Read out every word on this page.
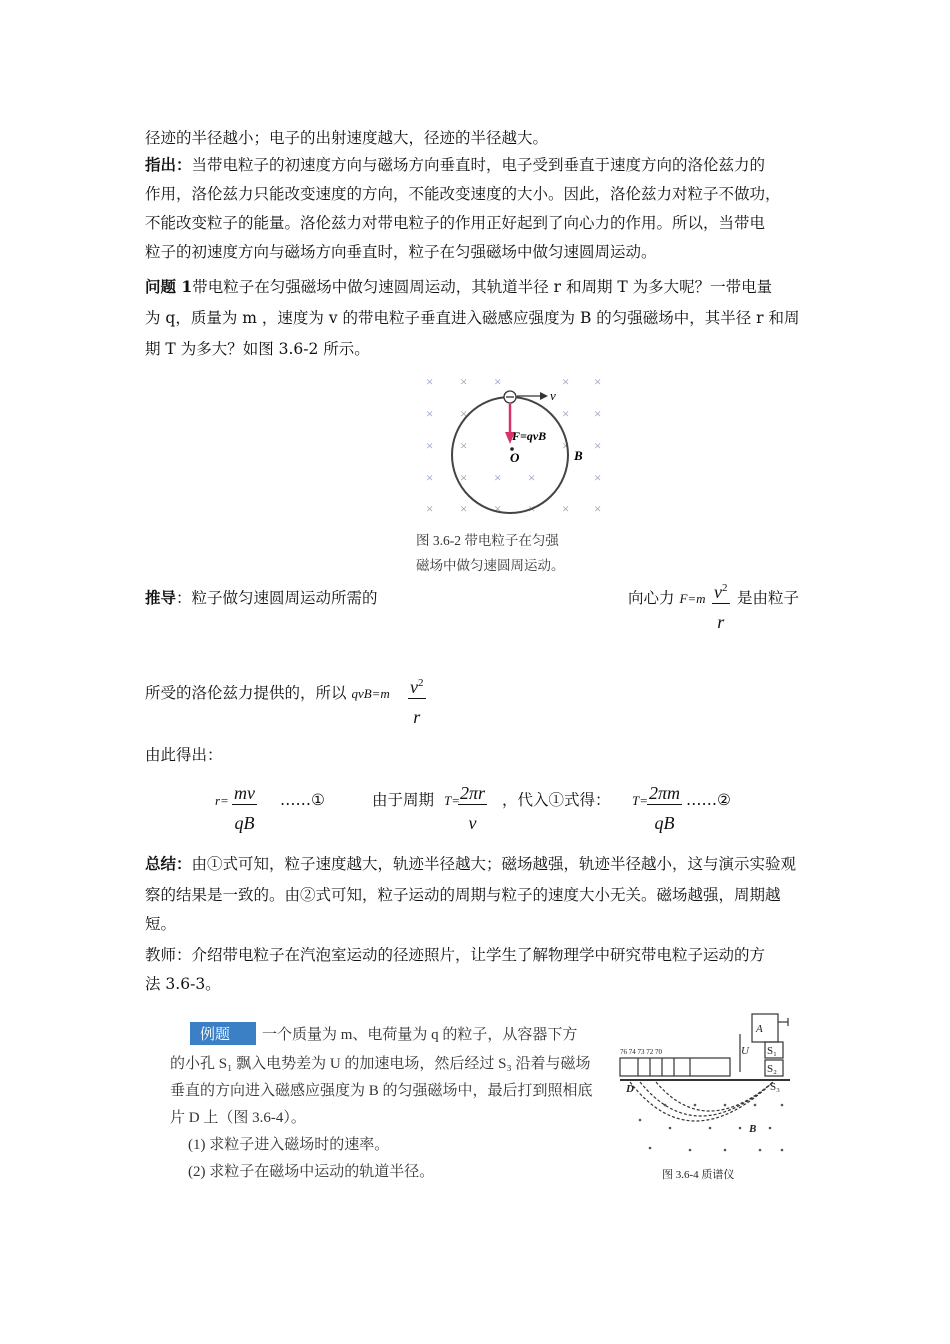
径迹的半径越小；电子的出射速度越大，径迹的半径越大。
指出：当带电粒子的初速度方向与磁场方向垂直时，电子受到垂直于速度方向的洛伦兹力的
作用，洛伦兹力只能改变速度的方向，不能改变速度的大小。因此，洛伦兹力对粒子不做功，
不能改变粒子的能量。洛伦兹力对带电粒子的作用正好起到了向心力的作用。所以，当带电
粒子的初速度方向与磁场方向垂直时，粒子在匀强磁场中做匀速圆周运动。
问题 1带电粒子在匀强磁场中做匀速圆周运动，其轨道半径 r 和周期 T 为多大呢？一带电量
为 q，质量为 m ，速度为 v 的带电粒子垂直进入磁感应强度为 B 的匀强磁场中，其半径 r 和周
期 T 为多大？如图 3.6-2 所示。
× × ×	× ×
× ×	× ×
× ×	× ×
× × × ×	×
× × × × × ×
v
F=qvB
O	B
图 3.6-2 带电粒子在匀强
磁场中做匀速圆周运动。
推导：粒子做匀速圆周运动所需的	向心力 $F=m \frac{v^2}{r}$ 是由粒子
所受的洛伦兹力提供的，所以 $qvB=m \frac{v^2}{r}$
由此得出：
$r= \frac{mv}{qB}$ ……①	由于周期 T=
$\frac{2\pi r}{v}$ ，代入①式得： T=
$\frac{2\pi m}{qB}$ ……②
总结：由①式可知，粒子速度越大，轨迹半径越大；磁场越强，轨迹半径越小，这与演示实验观
察的结果是一致的。由②式可知，粒子运动的周期与粒子的速度大小无关。磁场越强，周期越
短。
教师：介绍带电粒子在汽泡室运动的径迹照片，让学生了解物理学中研究带电粒子运动的方
法 3.6-3。
例题 一个质量为 m、电荷量为 q 的粒子，从容器下方
的小孔 S₁ 飘入电势差为 U 的加速电场，然后经过 S₃ 沿着与磁场
垂直的方向进入磁感应强度为 B 的匀强磁场中，最后打到照相底
片 D 上（图 3.6-4）。
(1) 求粒子进入磁场时的速率。
(2) 求粒子在磁场中运动的轨道半径。
76 74 73 72 70
A
U S₁
S₂
S₃
D
B
图 3.6-4 质谱仪
